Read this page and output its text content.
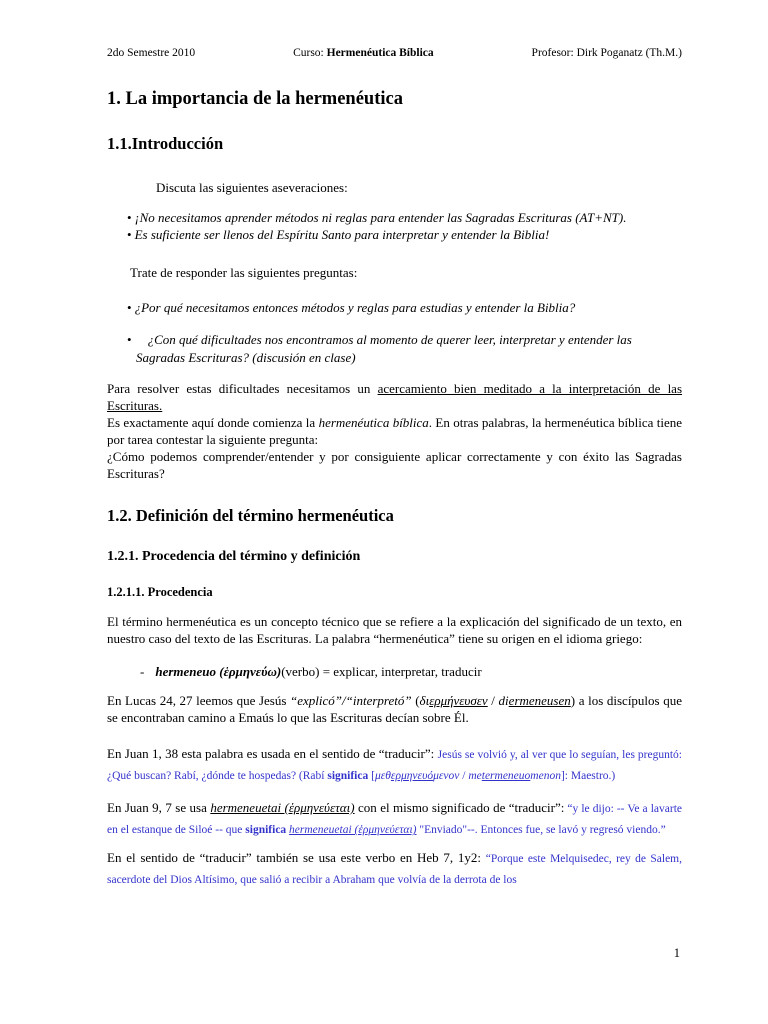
2do Semestre 2010	Curso: Hermenéutica Bíblica	Profesor: Dirk Poganatz (Th.M.)
1. La importancia de la hermenéutica
1.1.Introducción

Discuta las siguientes aseveraciones:

• ¡No necesitamos aprender métodos ni reglas para entender las Sagradas Escrituras (AT+NT).
• Es suficiente ser llenos del Espíritu Santo para interpretar y entender la Biblia!

Trate de responder las siguientes preguntas:

• ¿Por qué necesitamos entonces métodos y reglas para estudias y entender la Biblia?
• ¿Con qué dificultades nos encontramos al momento de querer leer, interpretar y entender las Sagradas Escrituras? (discusión en clase)

Para resolver estas dificultades necesitamos un acercamiento bien meditado a la interpretación de las Escrituras.
Es exactamente aquí donde comienza la hermenéutica bíblica. En otras palabras, la hermenéutica bíblica tiene por tarea contestar la siguiente pregunta:
¿Cómo podemos comprender/entender y por consiguiente aplicar correctamente y con éxito las Sagradas Escrituras?

1.2. Definición del término hermenéutica
1.2.1. Procedencia del término y definición
1.2.1.1. Procedencia

El término hermenéutica es un concepto técnico que se refiere a la explicación del significado de un texto, en nuestro caso del texto de las Escrituras. La palabra “hermenéutica” tiene su origen en el idioma griego:

- hermeneuo (ἑρμηνεύω)(verbo) = explicar, interpretar, traducir

En Lucas 24, 27 leemos que Jesús “explicó”/“interpretó” (διερμήνευσεν / diermeneusen) a los discípulos que se encontraban camino a Emaús lo que las Escrituras decían sobre Él.

En Juan 1, 38 esta palabra es usada en el sentido de “traducir”: Jesús se volvió y, al ver que lo seguían, les preguntó: ¿Qué buscan? Rabí, ¿dónde te hospedas? (Rabí significa [μεθερμηνευόμενον / metermeneuomenon]: Maestro.)

En Juan 9, 7 se usa hermeneuetai (ἑρμηνεύεται) con el mismo significado de “traducir”: “y le dijo: -- Ve a lavarte en el estanque de Siloé -- que significa hermeneuetai (ἑρμηνεύεται) "Enviado"--. Entonces fue, se lavó y regresó viendo.”

En el sentido de “traducir” también se usa este verbo en Heb 7, 1y2: “Porque este Melquisedec, rey de Salem, sacerdote del Dios Altísimo, que salió a recibir a Abraham que volvía de la derrota de los

1
